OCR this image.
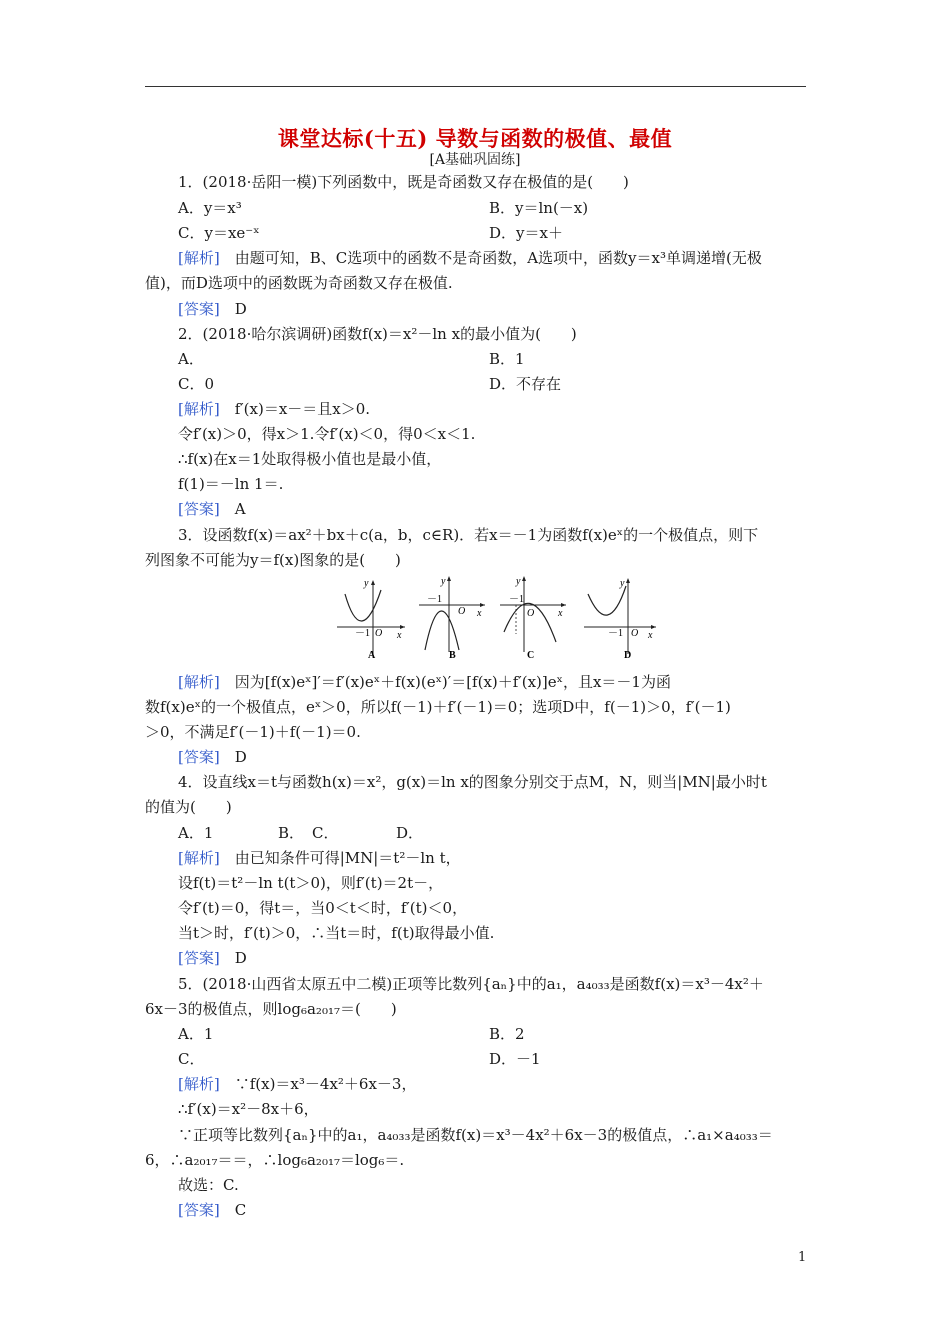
课堂达标(十五) 导数与函数的极值、最值
[A基础巩固练]
1．(2018·岳阳一模)下列函数中，既是奇函数又存在极值的是(　　)
A．y＝x³	B．y＝ln(－x)
C．y＝xe⁻ˣ	D．y＝x＋
[解析]　由题可知，B、C选项中的函数不是奇函数，A选项中，函数y＝x³单调递增(无极
值)，而D选项中的函数既为奇函数又存在极值.
[答案]　D
2．(2018·哈尔滨调研)函数f(x)＝x²－ln x的最小值为(　　)
A．	B．1
C．0	D．不存在
[解析]　f′(x)＝x－＝且x＞0.
令f′(x)＞0，得x＞1.令f′(x)＜0，得0＜x＜1.
∴f(x)在x＝1处取得极小值也是最小值，
f(1)＝－ln 1＝.
[答案]　A
3．设函数f(x)＝ax²＋bx＋c(a，b，c∈R)．若x＝－1为函数f(x)eˣ的一个极值点，则下
列图象不可能为y＝f(x)图象的是(　　)
y
x
O
－1
A
y
x
O
－1
B
y
x
O
－1
C
y
x
O
－1
D
[解析]　因为[f(x)eˣ]′＝f′(x)eˣ＋f(x)(eˣ)′＝[f(x)＋f′(x)]eˣ，且x＝－1为函
数f(x)eˣ的一个极值点，eˣ＞0，所以f(－1)＋f′(－1)＝0；选项D中，f(－1)＞0，f′(－1)
＞0，不满足f′(－1)＋f(－1)＝0.
[答案]　D
4．设直线x＝t与函数h(x)＝x²，g(x)＝ln x的图象分别交于点M，N，则当|MN|最小时t
的值为(　　)
A．1	B． C．	D．
[解析]　由已知条件可得|MN|＝t²－ln t，
设f(t)＝t²－ln t(t＞0)，则f′(t)＝2t－，
令f′(t)＝0，得t＝，当0＜t＜时，f′(t)＜0，
当t＞时，f′(t)＞0，∴当t＝时，f(t)取得最小值.
[答案]　D
5．(2018·山西省太原五中二模)正项等比数列{aₙ}中的a₁，a₄₀₃₃是函数f(x)＝x³－4x²＋
6x－3的极值点，则log₆a₂₀₁₇＝(　　)
A．1	B．2
C．	D．－1
[解析]　∵f(x)＝x³－4x²＋6x－3，
∴f′(x)＝x²－8x＋6，
∵正项等比数列{aₙ}中的a₁，a₄₀₃₃是函数f(x)＝x³－4x²＋6x－3的极值点，∴a₁×a₄₀₃₃＝
6，∴a₂₀₁₇＝＝，∴log₆a₂₀₁₇＝log₆＝.
故选：C.
[答案]　C
1
